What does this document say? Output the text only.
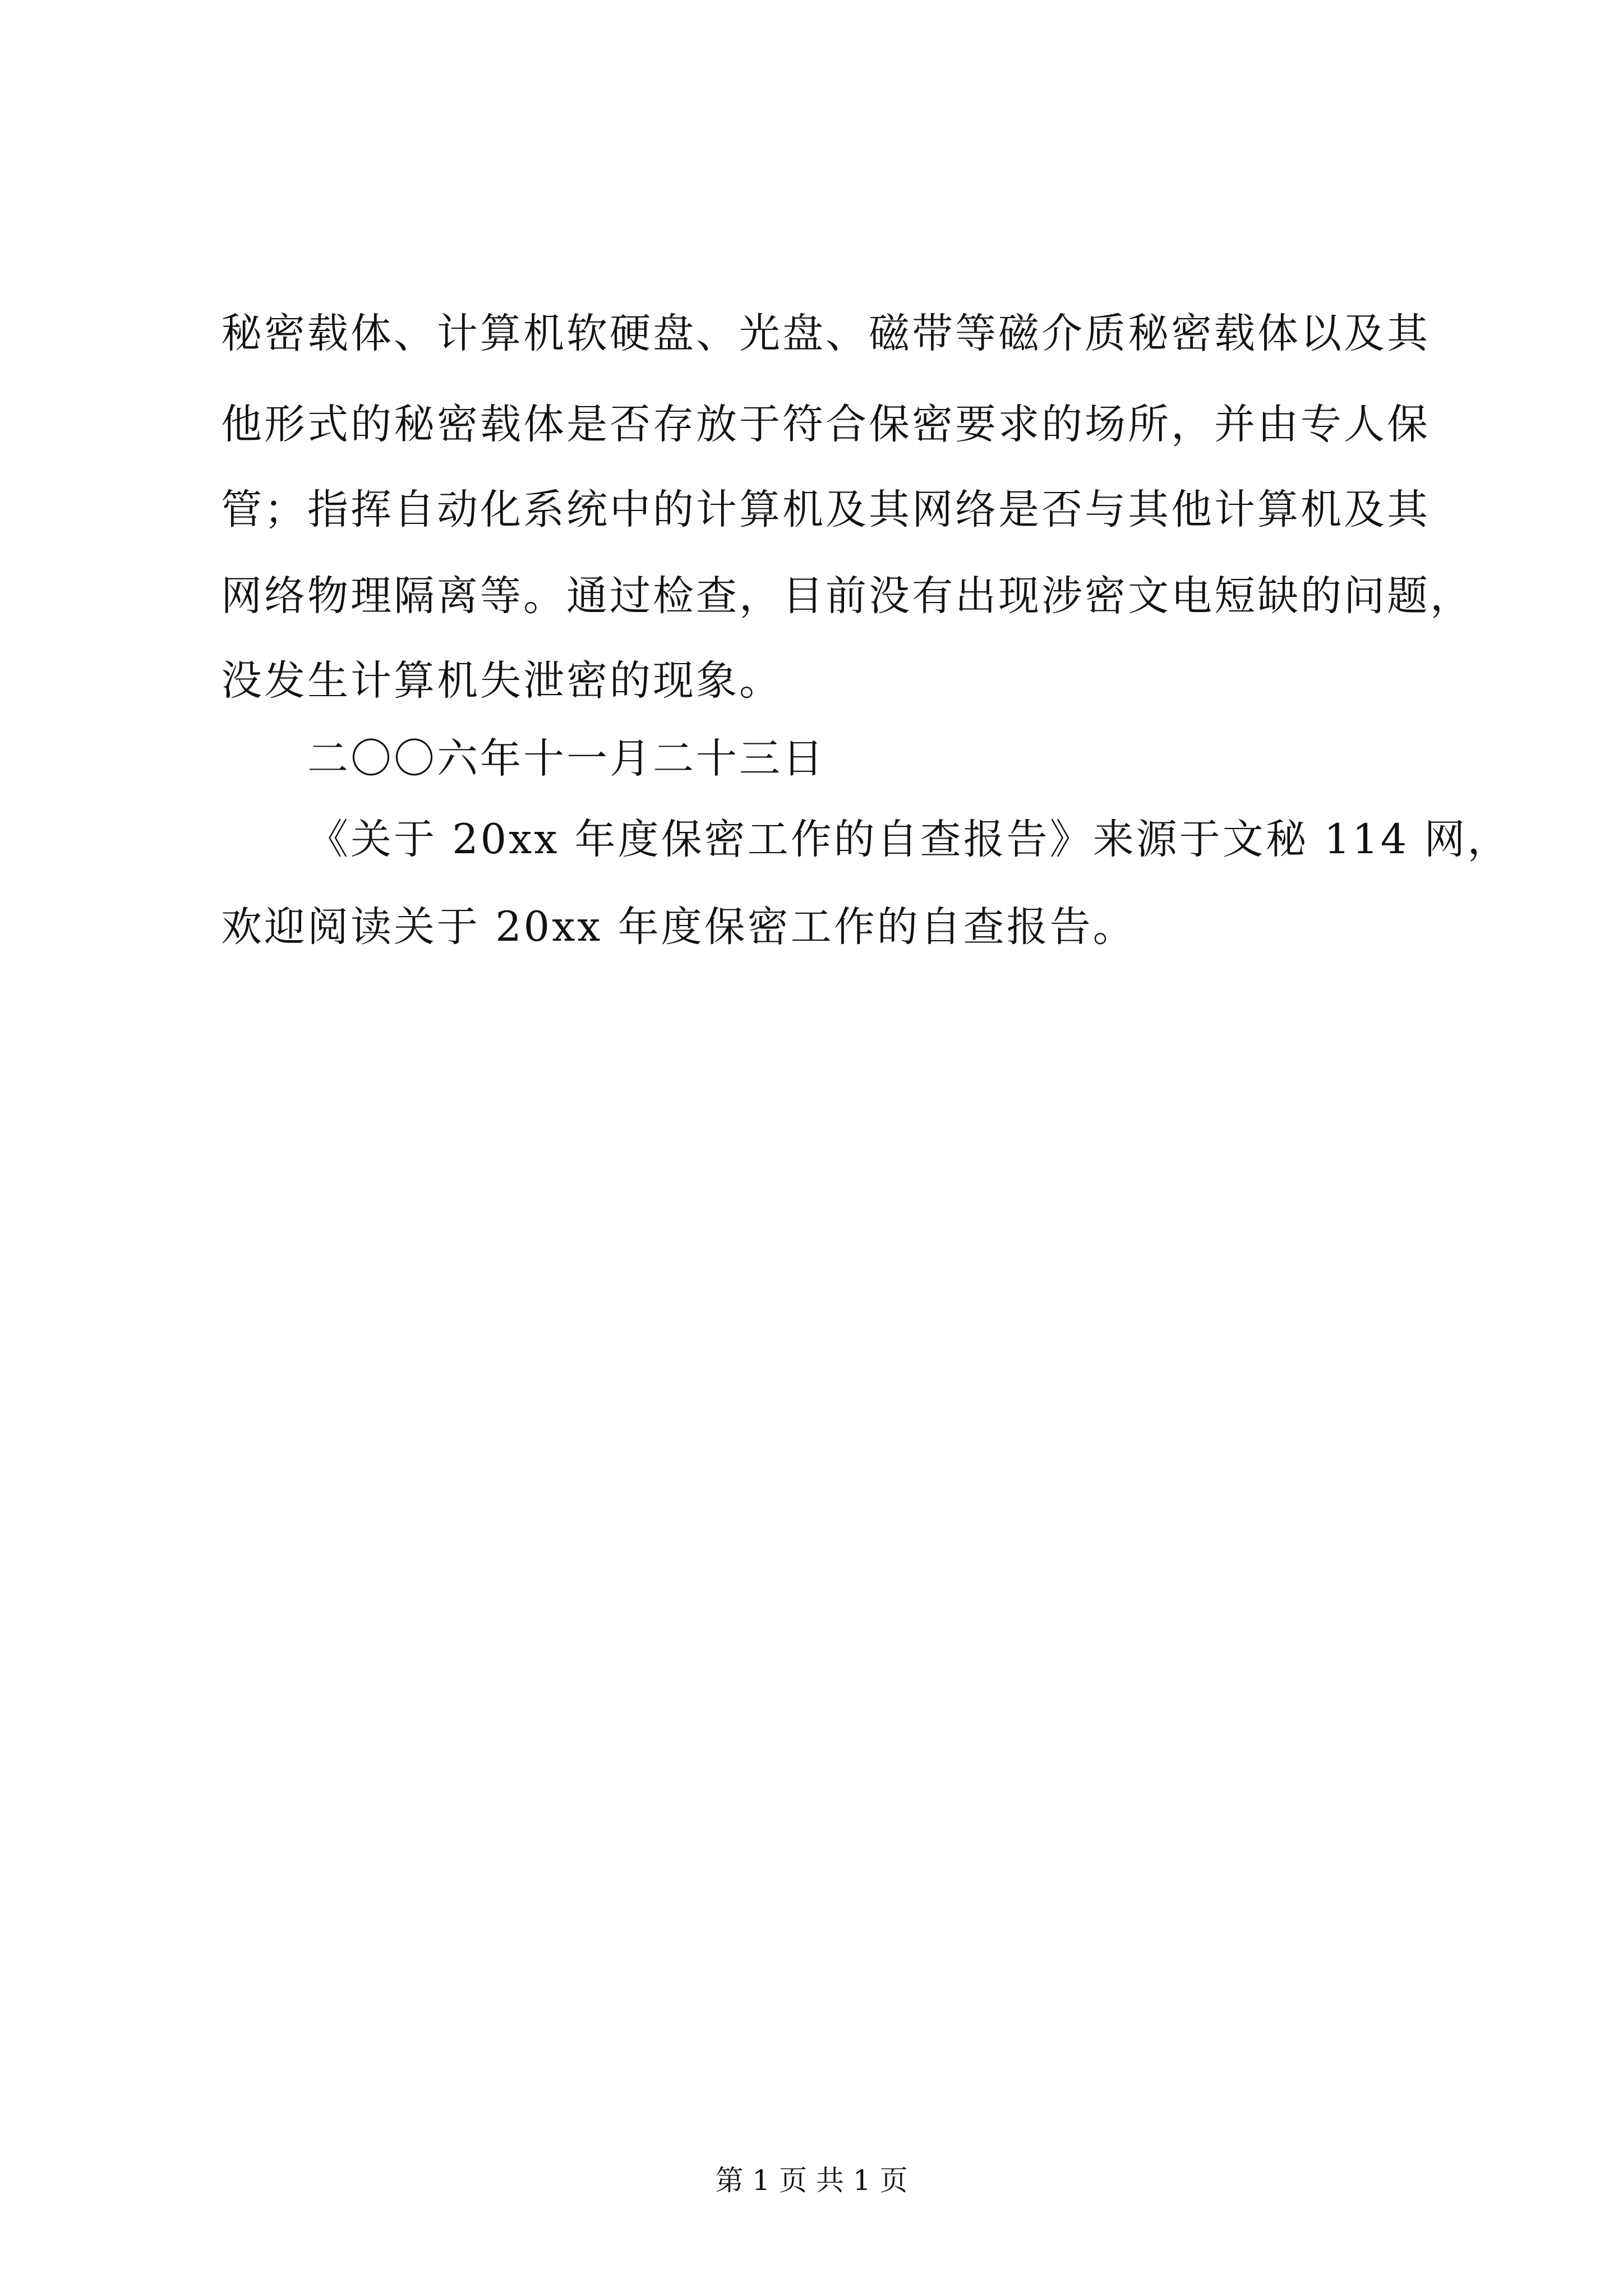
秘密载体、计算机软硬盘、光盘、磁带等磁介质秘密载体以及其
他形式的秘密载体是否存放于符合保密要求的场所，并由专人保
管；指挥自动化系统中的计算机及其网络是否与其他计算机及其
网络物理隔离等。通过检查，目前没有出现涉密文电短缺的问题，
没发生计算机失泄密的现象。
二〇〇六年十一月二十三日
《关于 20xx 年度保密工作的自查报告》来源于文秘 114 网，
欢迎阅读关于 20xx 年度保密工作的自查报告。
第 1 页 共 1 页
